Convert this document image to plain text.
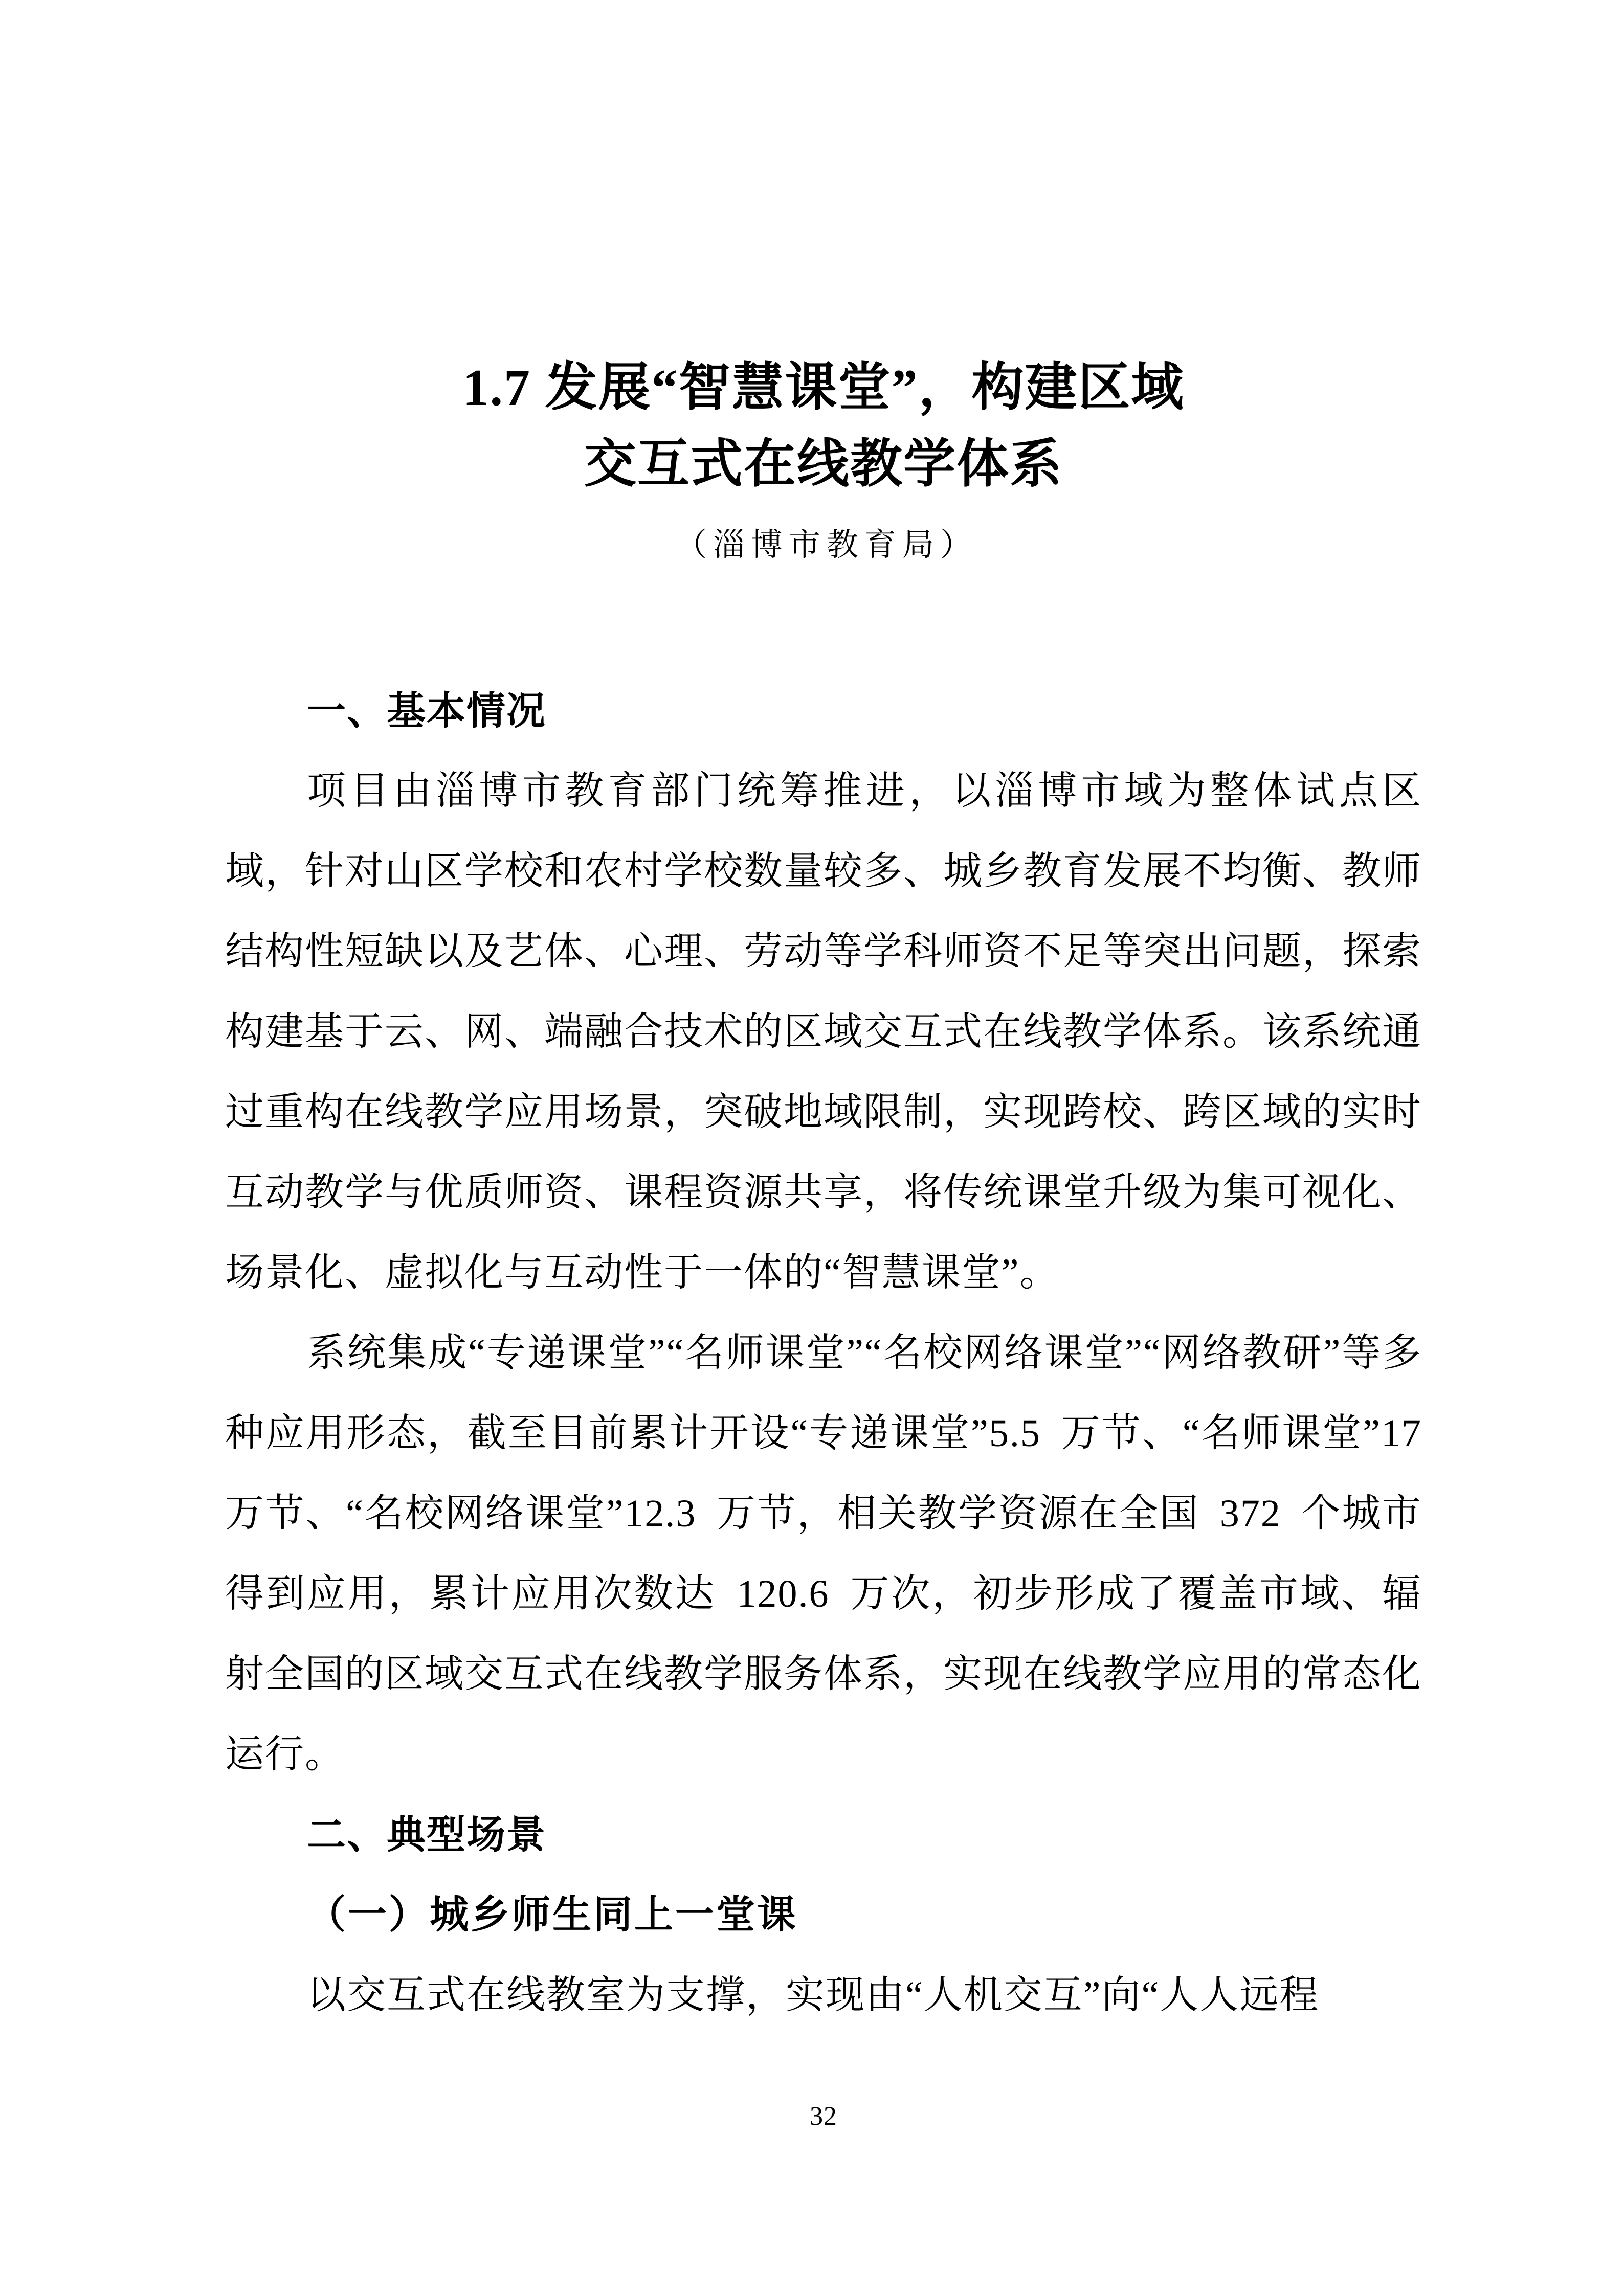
1.7 发展“智慧课堂”，构建区域
交互式在线教学体系
（淄博市教育局）
一、基本情况

项目由淄博市教育部门统筹推进，以淄博市域为整体试点区域，针对山区学校和农村学校数量较多、城乡教育发展不均衡、教师结构性短缺以及艺体、心理、劳动等学科师资不足等突出问题，探索构建基于云、网、端融合技术的区域交互式在线教学体系。该系统通过重构在线教学应用场景，突破地域限制，实现跨校、跨区域的实时互动教学与优质师资、课程资源共享，将传统课堂升级为集可视化、场景化、虚拟化与互动性于一体的“智慧课堂”。

系统集成“专递课堂”“名师课堂”“名校网络课堂”“网络教研”等多种应用形态，截至目前累计开设“专递课堂”5.5 万节、“名师课堂”17 万节、“名校网络课堂”12.3 万节，相关教学资源在全国 372 个城市得到应用，累计应用次数达 120.6 万次，初步形成了覆盖市域、辐射全国的区域交互式在线教学服务体系，实现在线教学应用的常态化运行。

二、典型场景
（一）城乡师生同上一堂课

以交互式在线教室为支撑，实现由“人机交互”向“人人远程

32
